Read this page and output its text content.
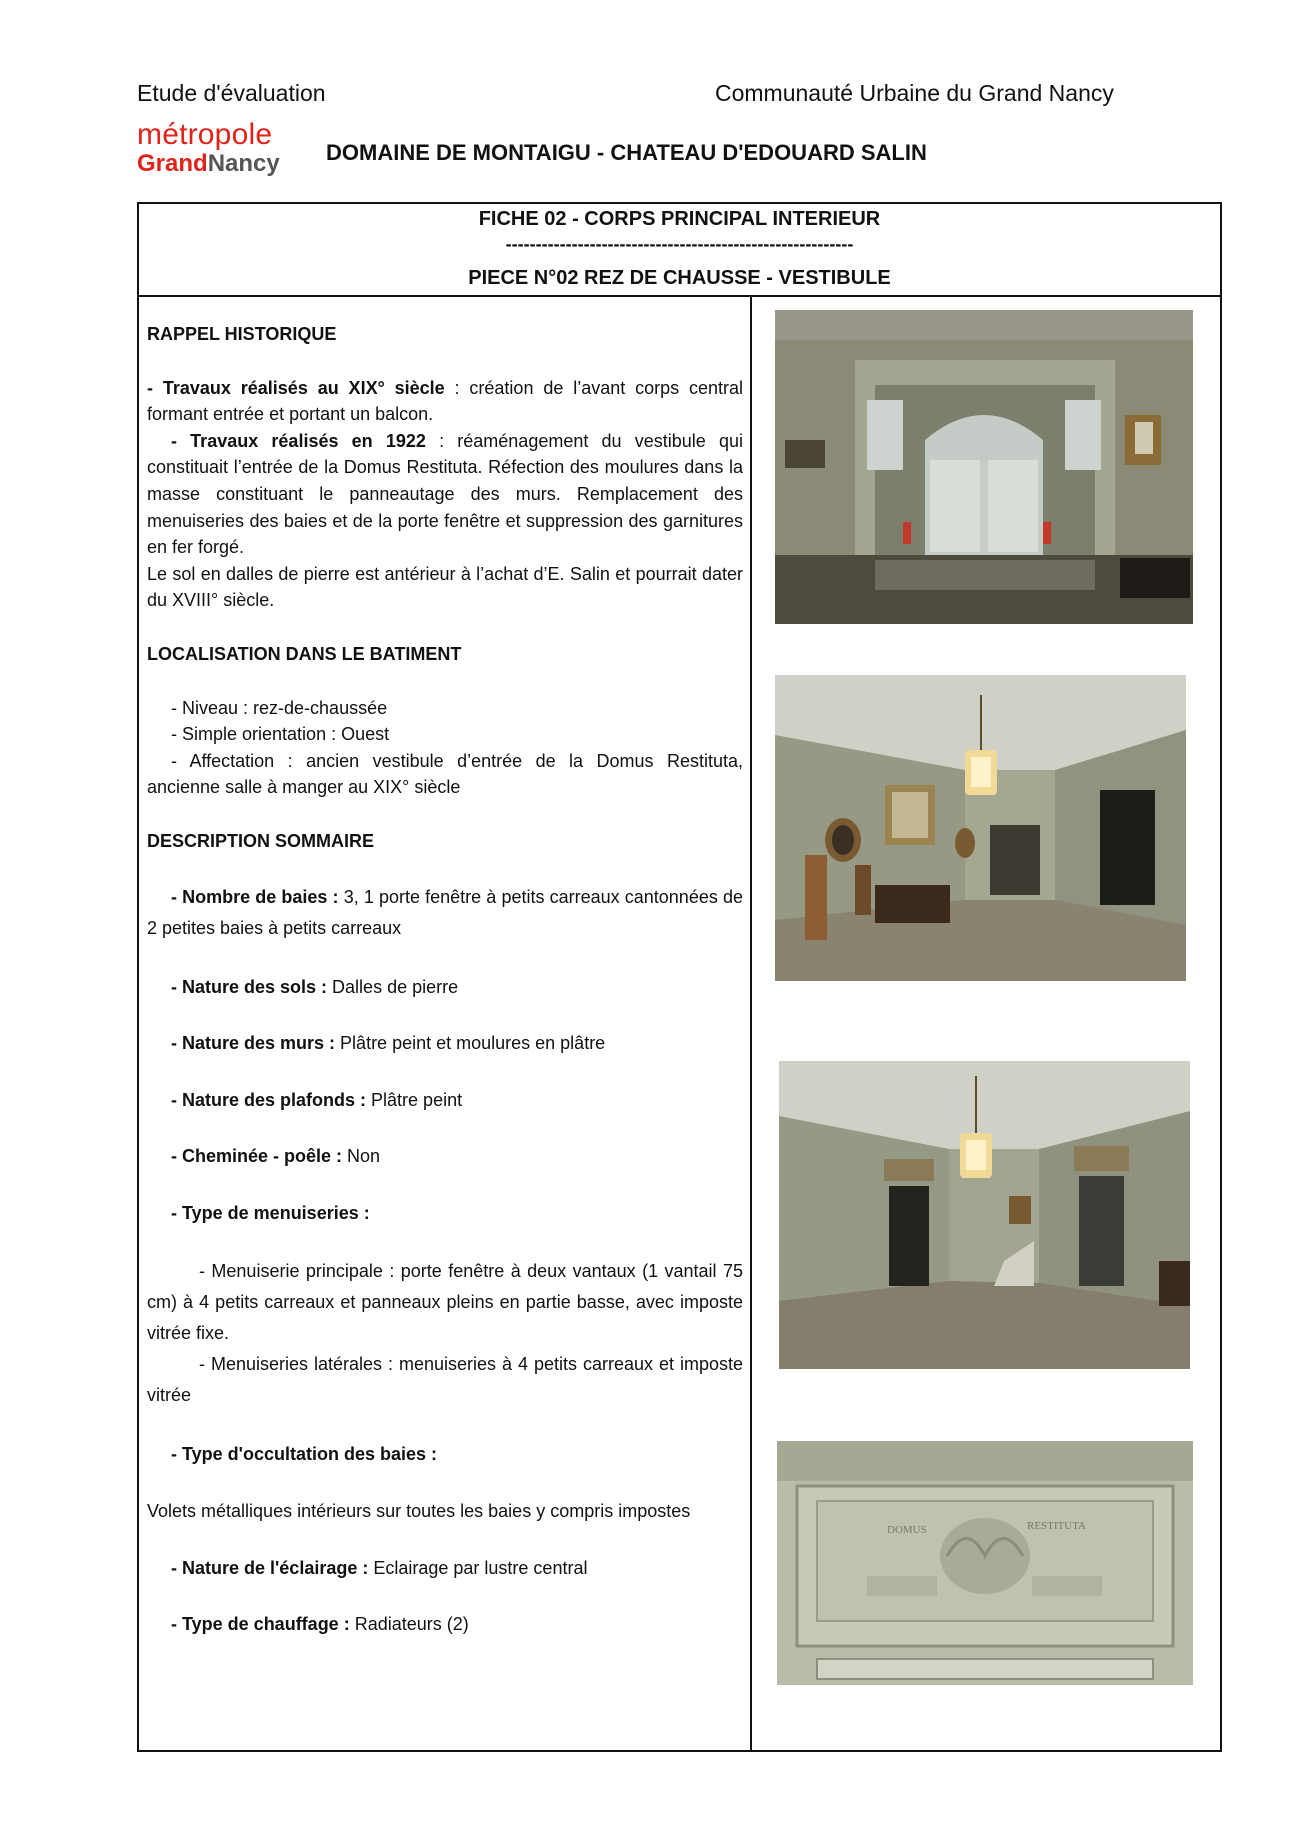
Etude d'évaluation	Communauté Urbaine du Grand Nancy
métropole
GrandNancy DOMAINE DE MONTAIGU - CHATEAU D'EDOUARD SALIN
FICHE 02 - CORPS PRINCIPAL INTERIEUR
----------------------------------------------------------
PIECE N°02 REZ DE CHAUSSE - VESTIBULE

RAPPEL HISTORIQUE

- Travaux réalisés au XIX° siècle : création de l’avant corps central formant entrée et portant un balcon.

- Travaux réalisés en 1922 : réaménagement du vestibule qui constituait l’entrée de la Domus Restituta. Réfection des moulures dans la masse constituant le panneautage des murs. Remplacement des menuiseries des baies et de la porte fenêtre et suppression des garnitures en fer forgé.

Le sol en dalles de pierre est antérieur à l’achat d’E. Salin et pourrait dater du XVIII° siècle.

LOCALISATION DANS LE BATIMENT

- Niveau : rez-de-chaussée

- Simple orientation : Ouest

- Affectation : ancien vestibule d’entrée de la Domus Restituta, ancienne salle à manger au XIX° siècle

DESCRIPTION SOMMAIRE

- Nombre de baies : 3, 1 porte fenêtre à petits carreaux cantonnées de 2 petites baies à petits carreaux

- Nature des sols : Dalles de pierre

- Nature des murs : Plâtre peint et moulures en plâtre

- Nature des plafonds : Plâtre peint

- Cheminée - poêle : Non

- Type de menuiseries :

- Menuiserie principale : porte fenêtre à deux vantaux (1 vantail 75 cm) à 4 petits carreaux et panneaux pleins en partie basse, avec imposte vitrée fixe.

- Menuiseries latérales : menuiseries à 4 petits carreaux et imposte vitrée

- Type d'occultation des baies :

Volets métalliques intérieurs sur toutes les baies y compris impostes

- Nature de l'éclairage : Eclairage par lustre central

- Type de chauffage : Radiateurs (2)

DOMUS	RESTITUTA
